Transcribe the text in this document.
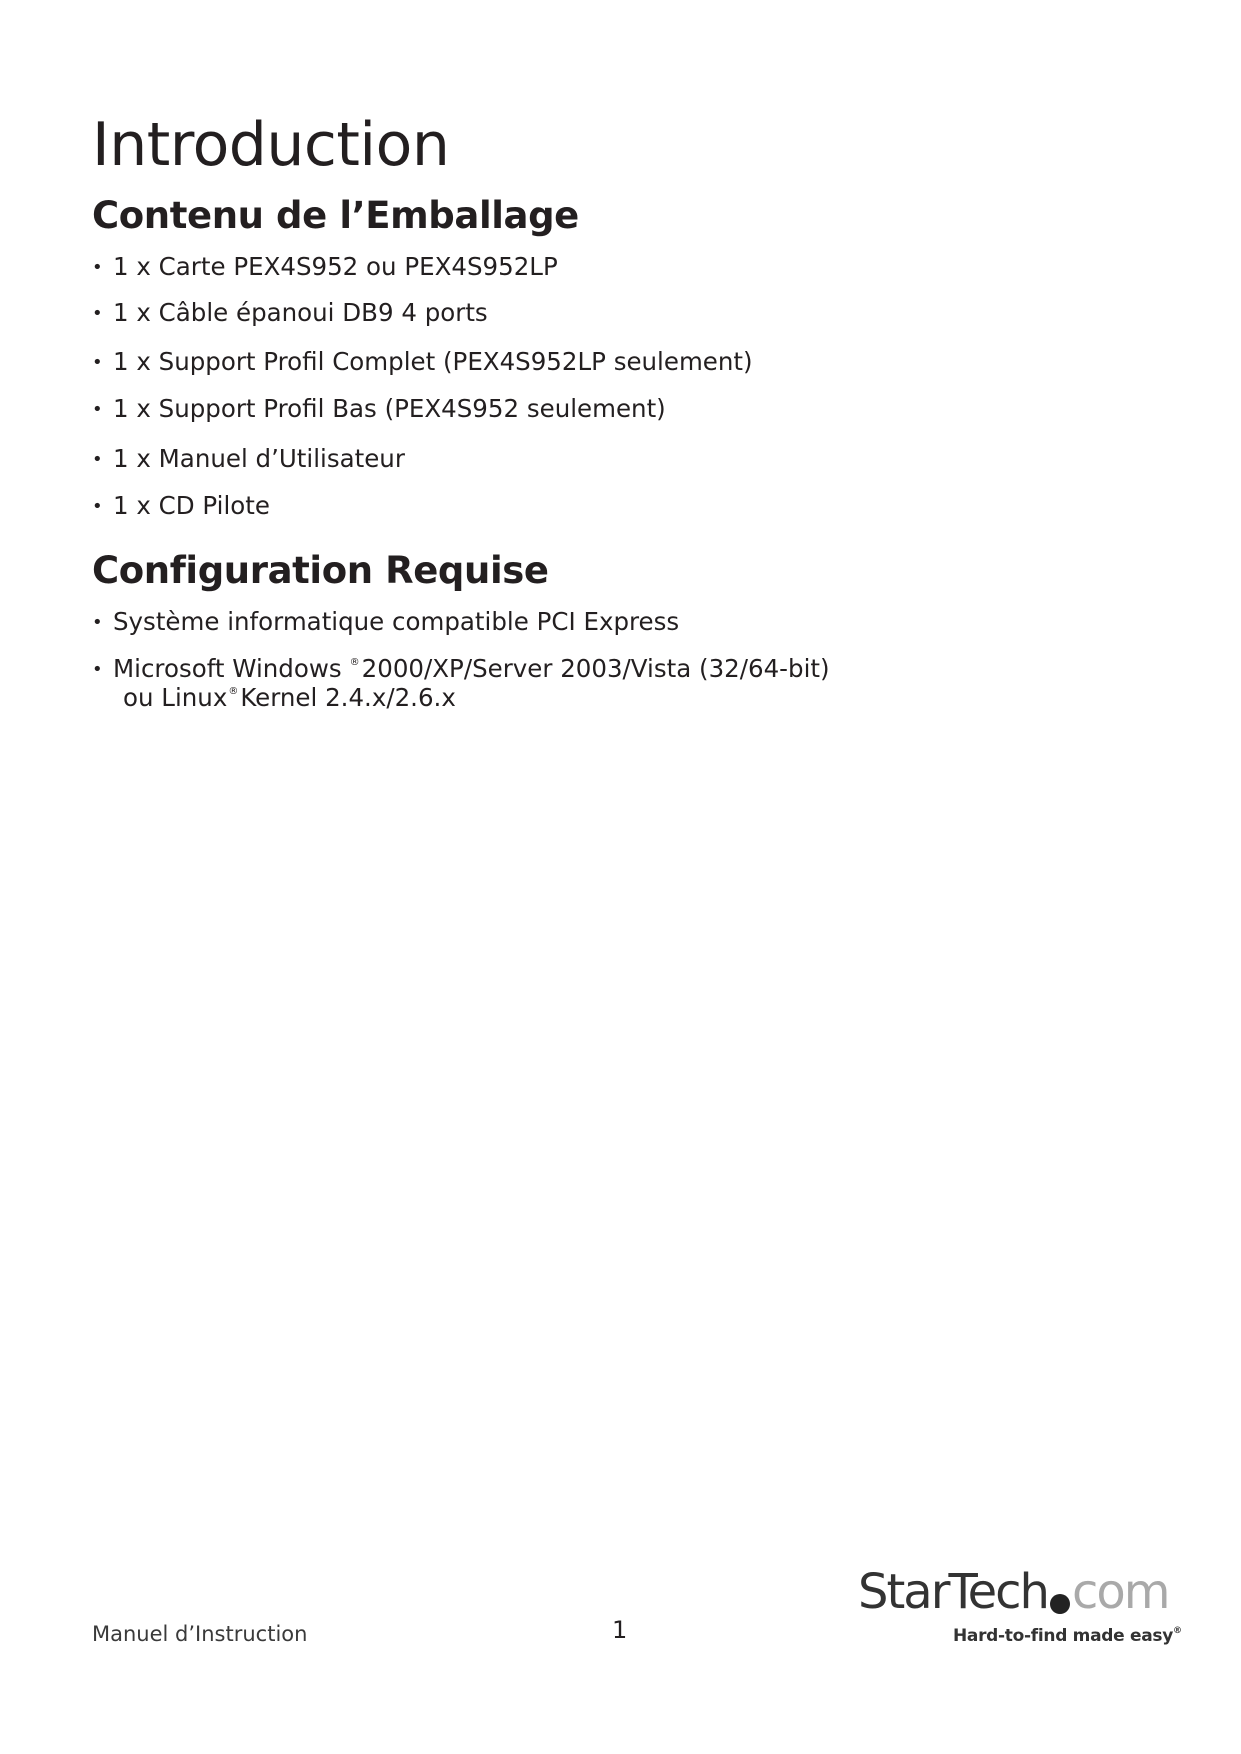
Introduction
Contenu de l’Emballage
• 1 x Carte PEX4S952 ou PEX4S952LP
• 1 x Câble épanoui DB9 4 ports
• 1 x Support Profil Complet (PEX4S952LP seulement)
• 1 x Support Profil Bas (PEX4S952 seulement)
• 1 x Manuel d’Utilisateur
• 1 x CD Pilote
Configuration Requise
• Système informatique compatible PCI Express
• Microsoft Windows ®2000/XP/Server 2003/Vista (32/64-bit)
ou Linux®Kernel 2.4.x/2.6.x
Manuel d’Instruction	1
StarTech com
Hard-to-find made easy®
